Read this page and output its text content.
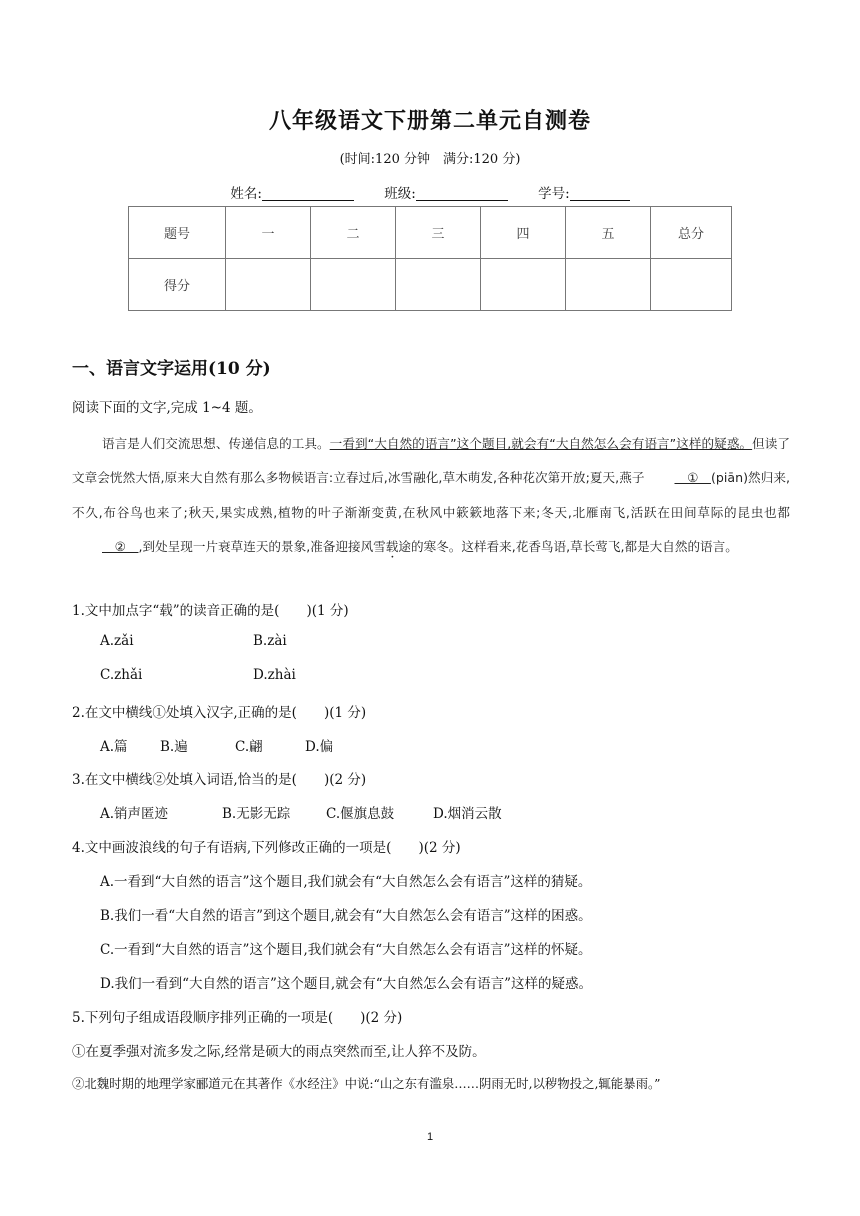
八年级语文下册第二单元自测卷
(时间:120 分钟　满分:120 分)
姓名:	班级:	学号:
题号	一	二	三	四	五	总分
得分						
一、语言文字运用(10 分)
阅读下面的文字,完成 1~4 题。
语言是人们交流思想、传递信息的工具。一看到“大自然的语言”这个题目,就会有“大自然怎么会有语言”这样的疑惑。但读了文章会恍然大悟,原来大自然有那么多物候语言:立春过后,冰雪融化,草木萌发,各种花次第开放;夏天,燕子　①　(piān)然归来,不久,布谷鸟也来了;秋天,果实成熟,植物的叶子渐渐变黄,在秋风中簌簌地落下来;冬天,北雁南飞,活跃在田间草际的昆虫也都　②　,到处呈现一片衰草连天的景象,准备迎接风雪载途的寒冬。这样看来,花香鸟语,草长莺飞,都是大自然的语言。
1.文中加点字“载”的读音正确的是(　　)(1 分)
A.zǎi	B.zài
C.zhǎi	D.zhài
2.在文中横线①处填入汉字,正确的是(　　)(1 分)
A.篇 B.遍	C.翩	D.偏
3.在文中横线②处填入词语,恰当的是(　　)(2 分)
A.销声匿迹	B.无影无踪	C.偃旗息鼓	D.烟消云散
4.文中画波浪线的句子有语病,下列修改正确的一项是(　　)(2 分)
A.一看到“大自然的语言”这个题目,我们就会有“大自然怎么会有语言”这样的猜疑。
B.我们一看“大自然的语言”到这个题目,就会有“大自然怎么会有语言”这样的困惑。
C.一看到“大自然的语言”这个题目,我们就会有“大自然怎么会有语言”这样的怀疑。
D.我们一看到“大自然的语言”这个题目,就会有“大自然怎么会有语言”这样的疑惑。
5.下列句子组成语段顺序排列正确的一项是(　　)(2 分)
①在夏季强对流多发之际,经常是硕大的雨点突然而至,让人猝不及防。
②北魏时期的地理学家郦道元在其著作《水经注》中说:“山之东有滥泉……阴雨无时,以秽物投之,辄能暴雨。”
1
